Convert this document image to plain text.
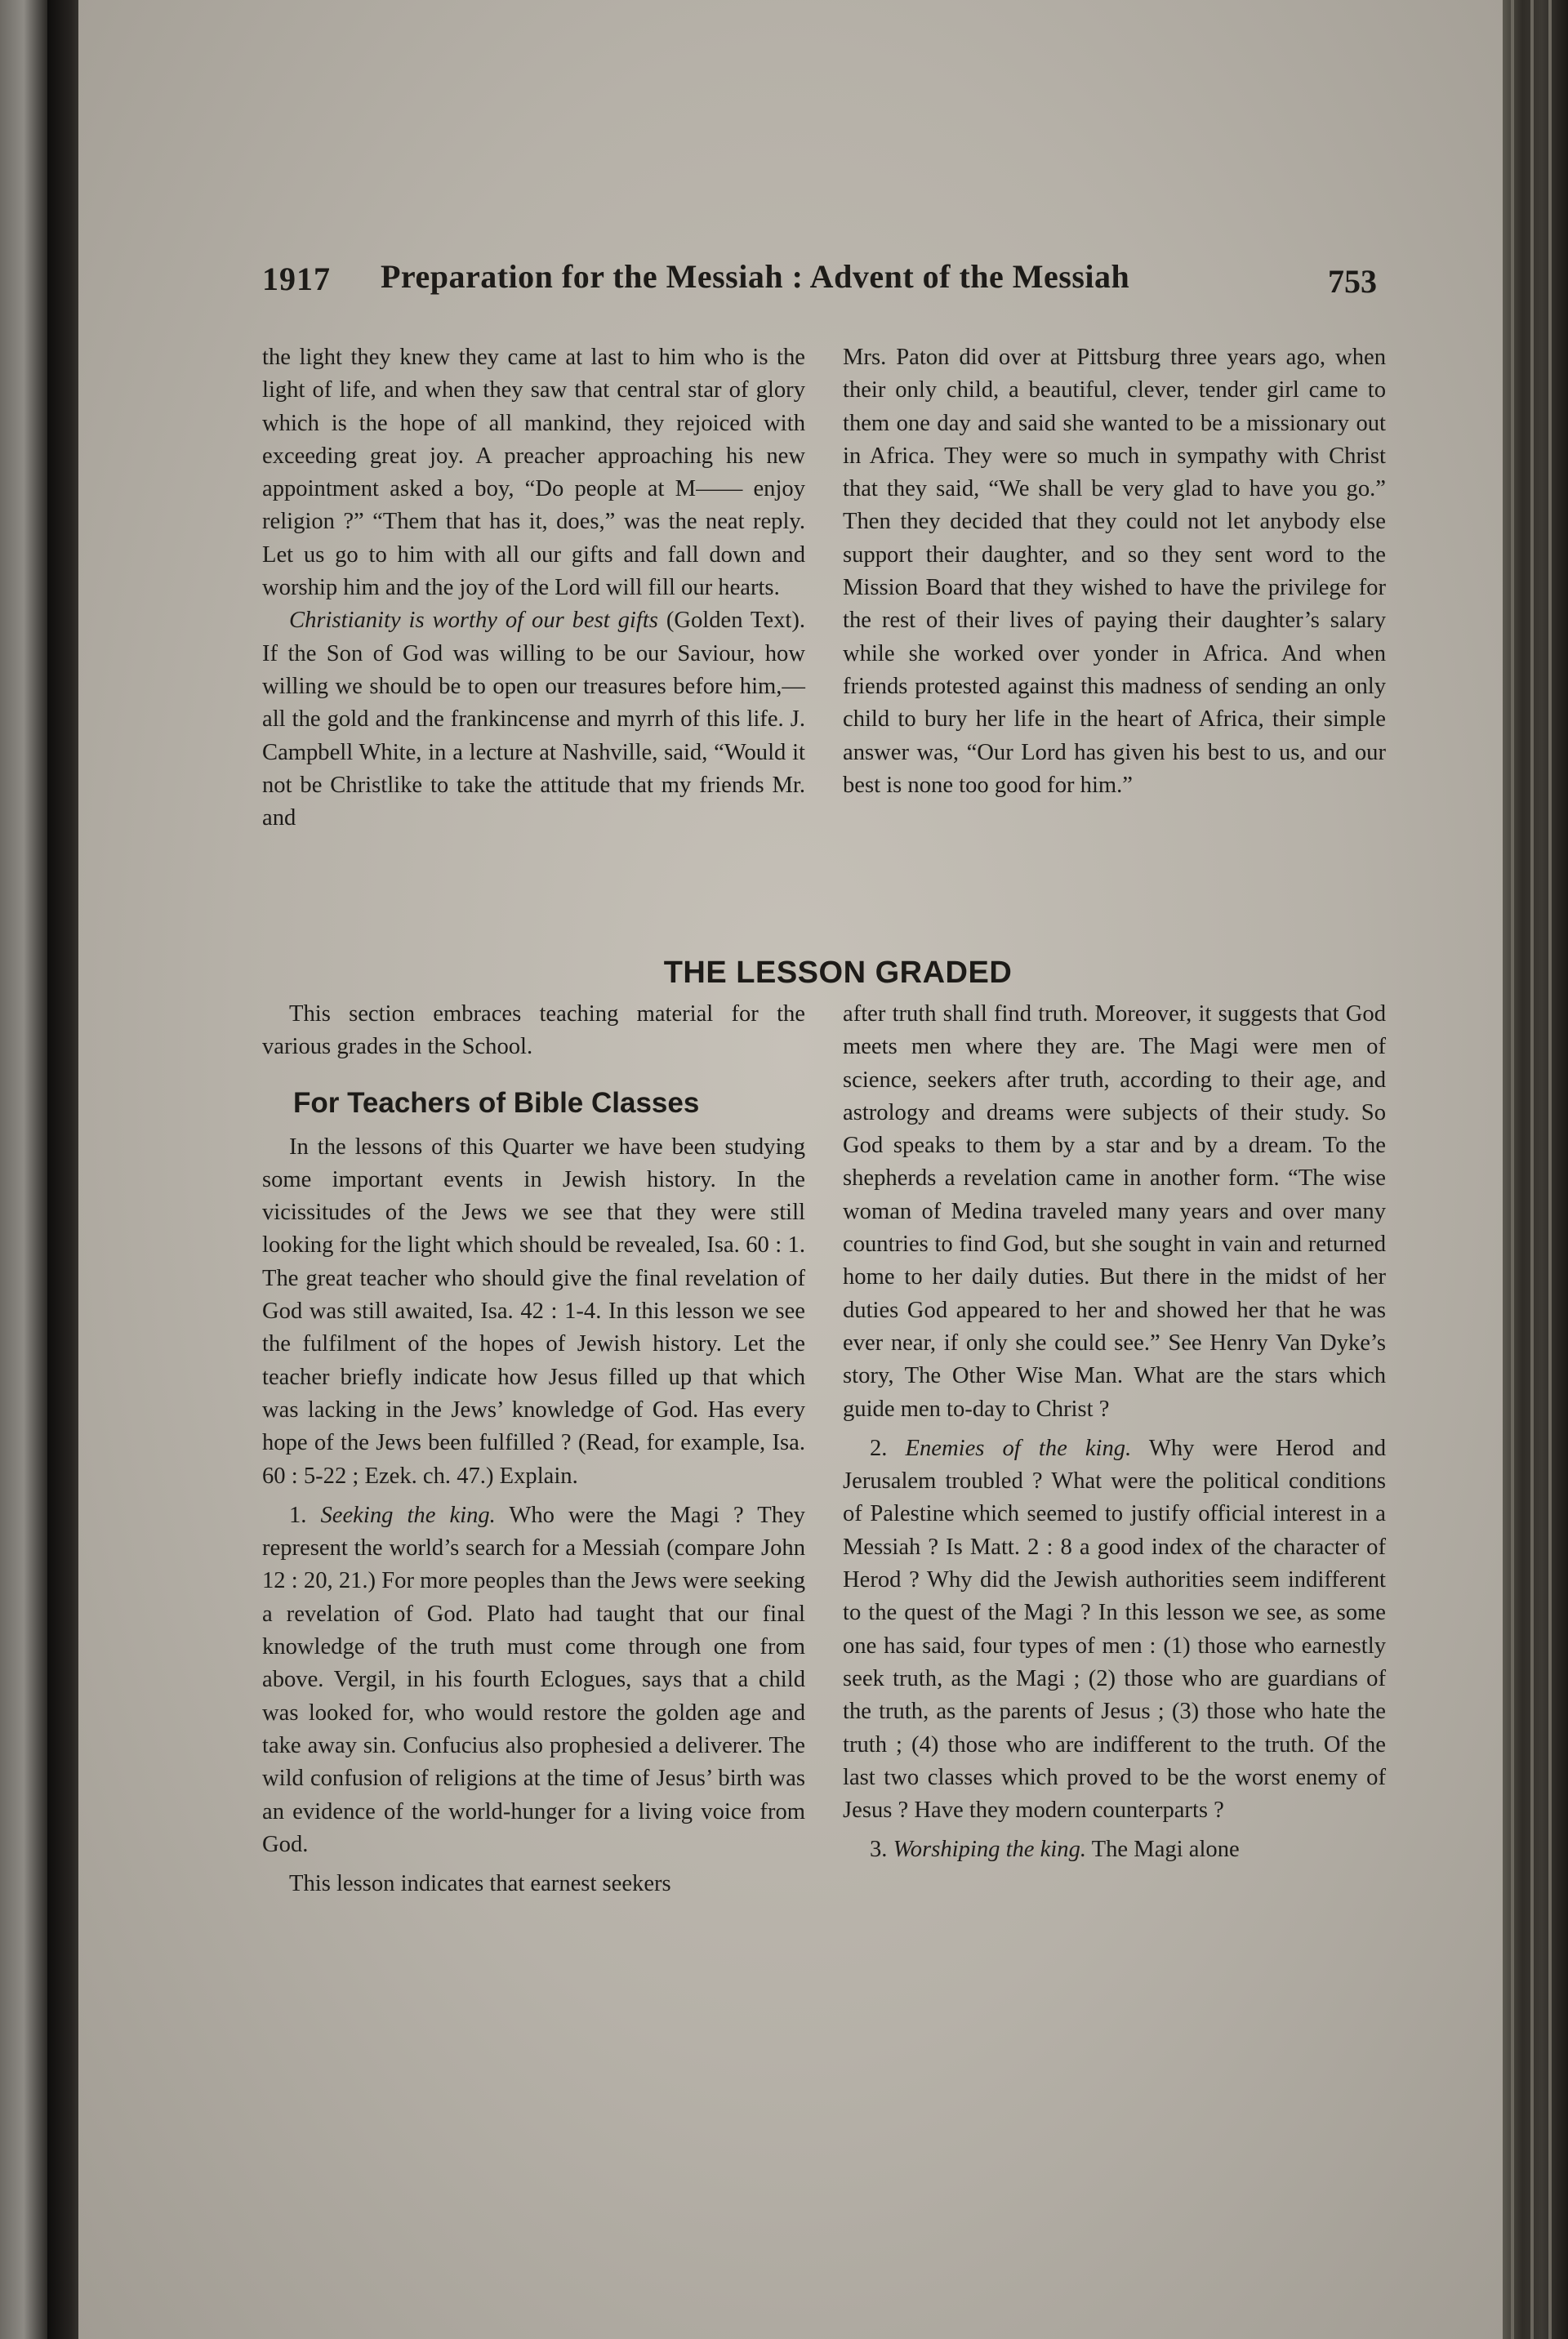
1917 Preparation for the Messiah : Advent of the Messiah	753

the light they knew they came at last to him who is the light of life, and when they saw that central star of glory which is the hope of all mankind, they rejoiced with exceeding great joy. A preacher approaching his new appointment asked a boy, “Do people at M—— enjoy religion ?” “Them that has it, does,” was the neat reply. Let us go to him with all our gifts and fall down and worship him and the joy of the Lord will fill our hearts.

Christianity is worthy of our best gifts (Golden Text). If the Son of God was willing to be our Saviour, how willing we should be to open our treasures before him,—all the gold and the frankincense and myrrh of this life. J. Campbell White, in a lecture at Nashville, said, “Would it not be Christlike to take the attitude that my friends Mr. and

Mrs. Paton did over at Pittsburg three years ago, when their only child, a beautiful, clever, tender girl came to them one day and said she wanted to be a missionary out in Africa. They were so much in sympathy with Christ that they said, “We shall be very glad to have you go.” Then they decided that they could not let anybody else support their daughter, and so they sent word to the Mission Board that they wished to have the privilege for the rest of their lives of paying their daughter’s salary while she worked over yonder in Africa. And when friends protested against this madness of sending an only child to bury her life in the heart of Africa, their simple answer was, “Our Lord has given his best to us, and our best is none too good for him.”

THE LESSON GRADED

This section embraces teaching material for the various grades in the School.

For Teachers of Bible Classes

In the lessons of this Quarter we have been studying some important events in Jewish history. In the vicissitudes of the Jews we see that they were still looking for the light which should be revealed, Isa. 60 : 1. The great teacher who should give the final revelation of God was still awaited, Isa. 42 : 1-4. In this lesson we see the fulfilment of the hopes of Jewish history. Let the teacher briefly indicate how Jesus filled up that which was lacking in the Jews’ knowledge of God. Has every hope of the Jews been fulfilled ? (Read, for example, Isa. 60 : 5-22 ; Ezek. ch. 47.) Explain.

1. Seeking the king. Who were the Magi ? They represent the world’s search for a Messiah (compare John 12 : 20, 21.) For more peoples than the Jews were seeking a revelation of God. Plato had taught that our final knowledge of the truth must come through one from above. Vergil, in his fourth Eclogues, says that a child was looked for, who would restore the golden age and take away sin. Confucius also prophesied a deliverer. The wild confusion of religions at the time of Jesus’ birth was an evidence of the world-hunger for a living voice from God.

This lesson indicates that earnest seekers

after truth shall find truth. Moreover, it suggests that God meets men where they are. The Magi were men of science, seekers after truth, according to their age, and astrology and dreams were subjects of their study. So God speaks to them by a star and by a dream. To the shepherds a revelation came in another form. “The wise woman of Medina traveled many years and over many countries to find God, but she sought in vain and returned home to her daily duties. But there in the midst of her duties God appeared to her and showed her that he was ever near, if only she could see.” See Henry Van Dyke’s story, The Other Wise Man. What are the stars which guide men to-day to Christ ?

2. Enemies of the king. Why were Herod and Jerusalem troubled ? What were the political conditions of Palestine which seemed to justify official interest in a Messiah ? Is Matt. 2 : 8 a good index of the character of Herod ? Why did the Jewish authorities seem indifferent to the quest of the Magi ? In this lesson we see, as some one has said, four types of men : (1) those who earnestly seek truth, as the Magi ; (2) those who are guardians of the truth, as the parents of Jesus ; (3) those who hate the truth ; (4) those who are indifferent to the truth. Of the last two classes which proved to be the worst enemy of Jesus ? Have they modern counterparts ?

3. Worshiping the king. The Magi alone
